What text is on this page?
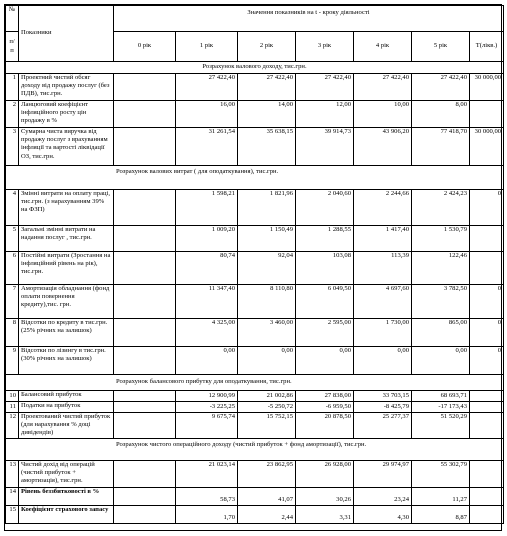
№	Показники	Значення показників на t - кроку діяльності						
п/п		0 рік	1 рік	2 рік	3 рік	4 рік	5 рік	Т(лікв.)
Розрахунок валового доходу, тис.грн.								
1	Проектний чистий обсяг доходу від продажу послуг (без ПДВ), тис.грн.		27 422,40	27 422,40	27 422,40	27 422,40	27 422,40	30 000,00
2	Ланцюговий коефіцієнт інфляційного росту цін продажу в %		16,00	14,00	12,00	10,00	8,00	
3	Сумарна чиста виручка від продажу послуг з врахуванням інфляції та вартості ліквідації ОЗ, тис.грн.		31 261,54	35 638,15	39 914,73	43 906,20	77 418,70	30 000,00
Розрахунок валових витрат ( для оподаткування), тис.грн.								
4	Змінні витрати на оплату праці, тис.грн. (з нарахуванням 39% на ФЗП)		1 598,21	1 821,96	2 040,60	2 244,66	2 424,23	0
5	Загальні змінні витрати на надання послуг , тис.грн.		1 009,20	1 150,49	1 288,55	1 417,40	1 530,79	
6	Постійні витрати (Зростання на інфляційний рівень на рік), тис.грн.		80,74	92,04	103,08	113,39	122,46	
7	Амортизація обладнання (фонд оплати повернення кредиту),тис. грн.		11 347,40	8 110,80	6 049,50	4 697,60	3 782,50	0
8	Відсотки по кредиту в тис.грн. (25% річних на залишок)		4 325,00	3 460,00	2 595,00	1 730,00	865,00	0
9	Відсотки по лізингу в тис.грн. (30% річних на залишок)		0,00	0,00	0,00	0,00	0,00	0
Розрахунок балансового прибутку для оподаткування, тис.грн.								
10	Балансовий прибуток		12 900,99	21 002,86	27 838,00	33 703,15	68 693,71	
11	Податки на прибуток		-3 225,25	-5 250,72	-6 959,50	-8 425,79	-17 173,43	
12	Проектований чистий прибуток (для нарахування % доці дивідендів)		9 675,74	15 752,15	20 878,50	25 277,37	51 520,29	
Розрахунок чистого операційного доходу (чистий прибуток + фонд амортизації), тис.грн.								
13	Чистий дохід від операцій (чистий прибуток + амортизація), тис.грн.		21 023,14	23 862,95	26 928,00	29 974,97	55 302,79	
14	Рівень беззбитковості в %		58,73	41,07	30,26	23,24	11,27	
15	Коефіцієнт страхового запасу		1,70	2,44	3,31	4,30	8,87	
